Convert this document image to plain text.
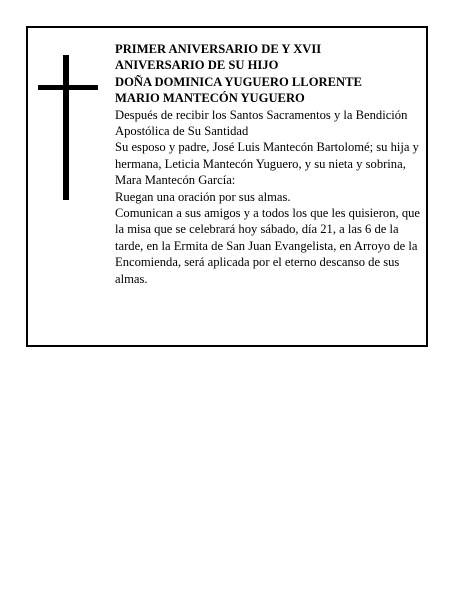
PRIMER ANIVERSARIO DE Y XVII

ANIVERSARIO DE SU HIJO

DOÑA DOMINICA YUGUERO LLORENTE

MARIO MANTECÓN YUGUERO

Después de recibir los Santos Sacramentos y la Bendición Apostólica de Su Santidad

Su esposo y padre, José Luis Mantecón Bartolomé; su hija y hermana, Leticia Mantecón Yuguero, y su nieta y sobrina, Mara Mantecón García:

Ruegan una oración por sus almas.

Comunican a sus amigos y a todos los que les quisieron, que la misa que se celebrará hoy sábado, día 21, a las 6 de la tarde, en la Ermita de San Juan Evangelista, en Arroyo de la Encomienda, será aplicada por el eterno descanso de sus almas.
